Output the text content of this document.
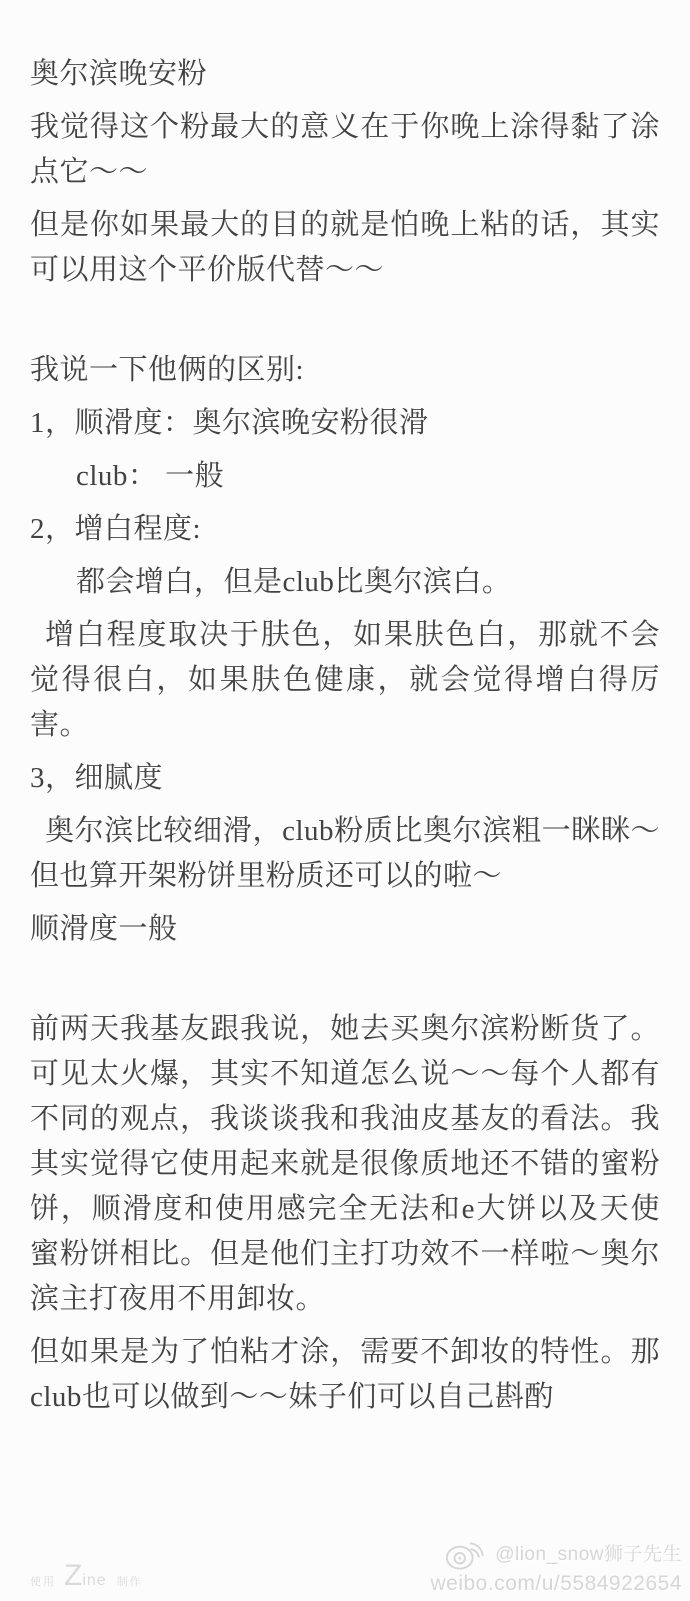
奥尔滨晚安粉

我觉得这个粉最大的意义在于你晚上涂得黏了涂点它～～

但是你如果最大的目的就是怕晚上粘的话，其实可以用这个平价版代替～～

我说一下他俩的区别:

1，顺滑度：奥尔滨晚安粉很滑

club： 一般

2，增白程度:

都会增白，但是club比奥尔滨白。

增白程度取决于肤色，如果肤色白，那就不会觉得很白，如果肤色健康，就会觉得增白得厉害。

3，细腻度

奥尔滨比较细滑，club粉质比奥尔滨粗一眯眯～但也算开架粉饼里粉质还可以的啦～

顺滑度一般

前两天我基友跟我说，她去买奥尔滨粉断货了。可见太火爆，其实不知道怎么说～～每个人都有不同的观点，我谈谈我和我油皮基友的看法。我其实觉得它使用起来就是很像质地还不错的蜜粉饼，顺滑度和使用感完全无法和e大饼以及天使蜜粉饼相比。但是他们主打功效不一样啦～奥尔滨主打夜用不用卸妆。

但如果是为了怕粘才涂，需要不卸妆的特性。那club也可以做到～～妹子们可以自己斟酌

使用 Z ine 制作
@lion_snow狮子先生
weibo.com/u/5584922654
